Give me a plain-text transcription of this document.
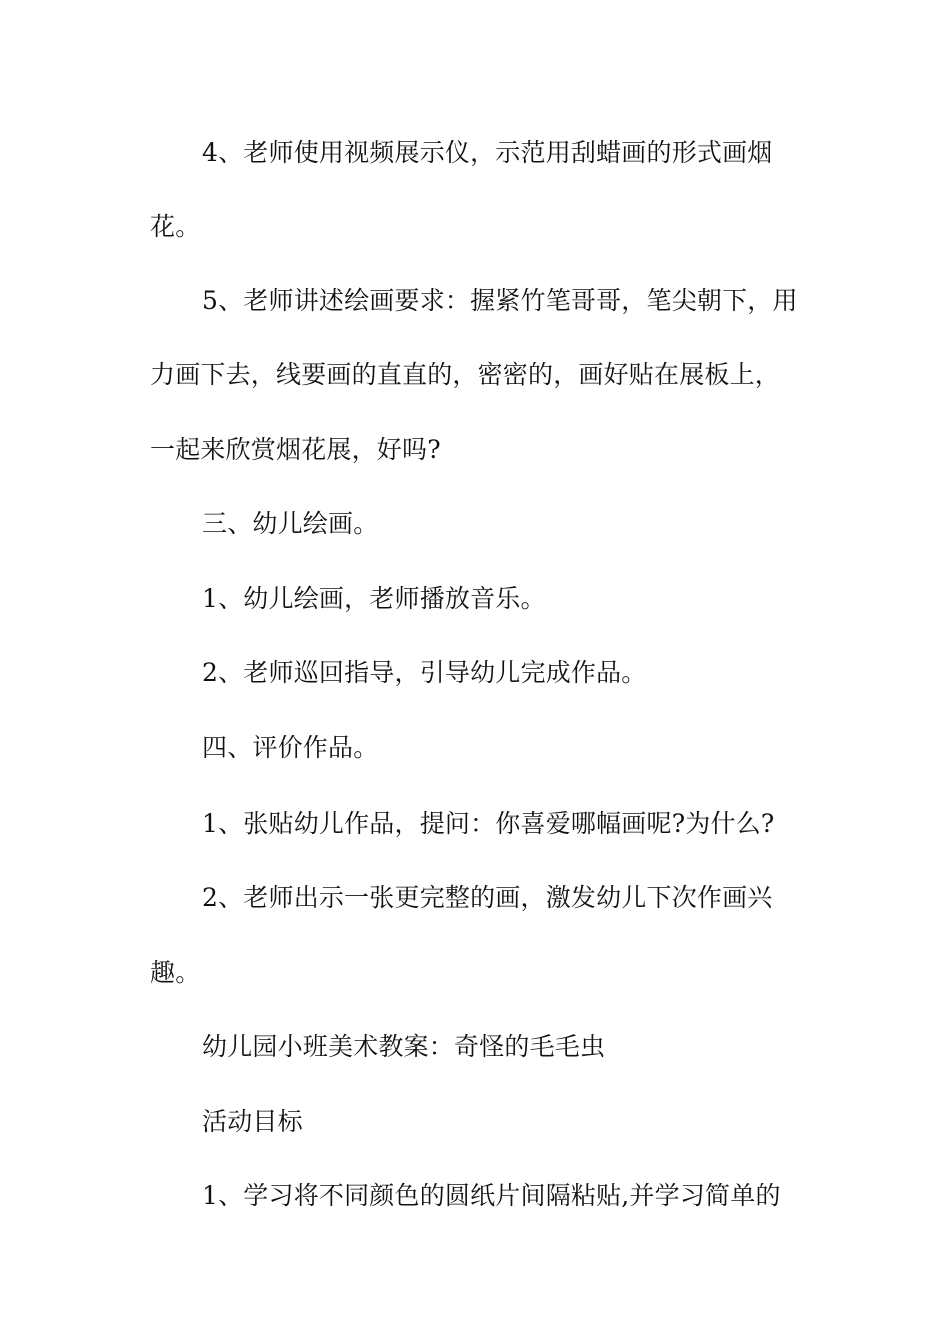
4、老师使用视频展示仪，示范用刮蜡画的形式画烟
花。
5、老师讲述绘画要求：握紧竹笔哥哥，笔尖朝下，用
力画下去，线要画的直直的，密密的，画好贴在展板上，
一起来欣赏烟花展，好吗?
三、幼儿绘画。
1、幼儿绘画，老师播放音乐。
2、老师巡回指导，引导幼儿完成作品。
四、评价作品。
1、张贴幼儿作品，提问：你喜爱哪幅画呢?为什么?
2、老师出示一张更完整的画，激发幼儿下次作画兴
趣。
幼儿园小班美术教案：奇怪的毛毛虫
活动目标
1、学习将不同颜色的圆纸片间隔粘贴,并学习简单的
